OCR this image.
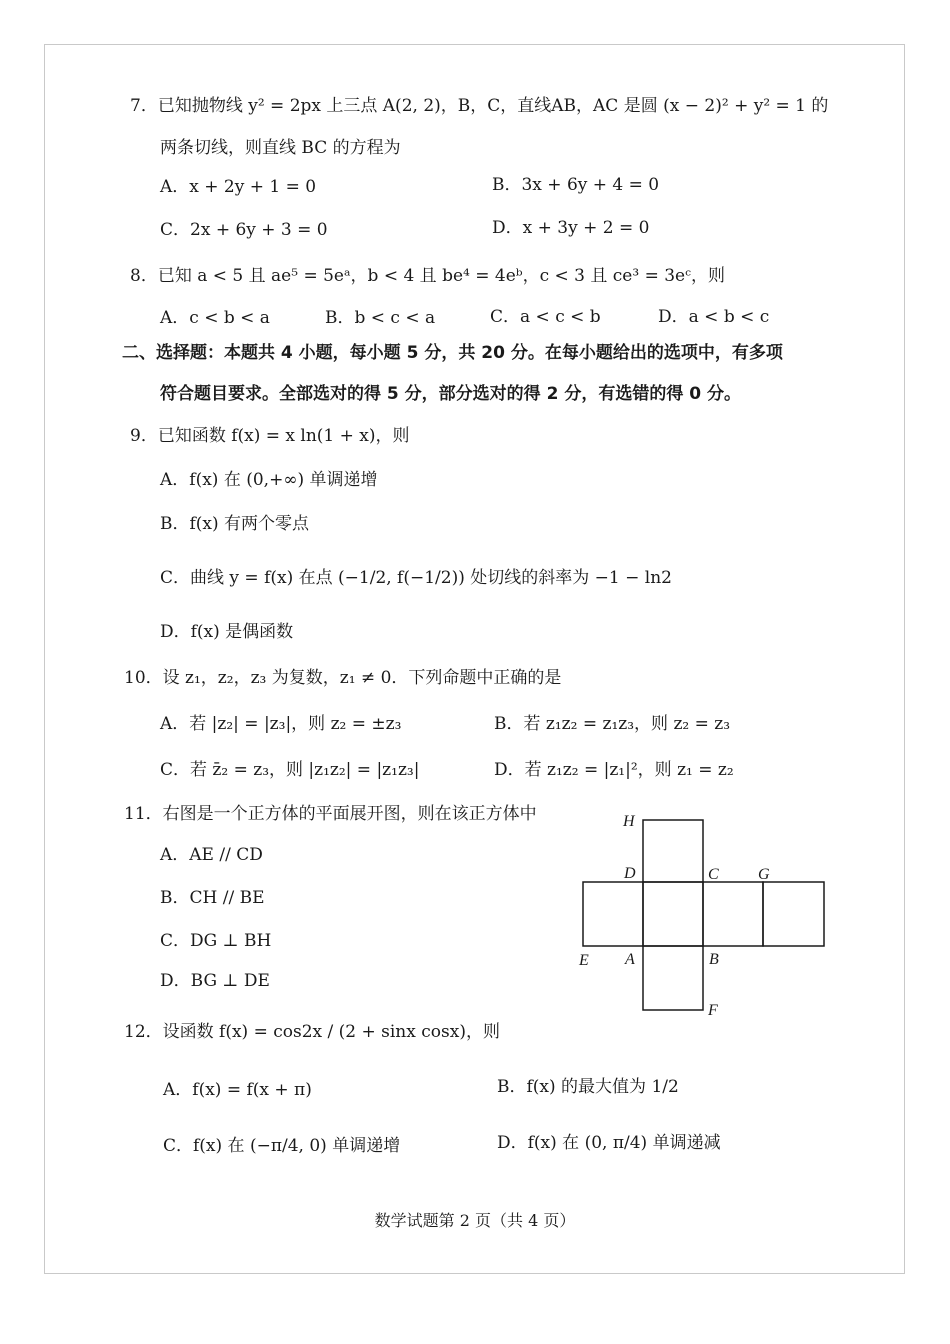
7．已知抛物线 y² = 2px 上三点 A(2, 2)，B，C，直线AB，AC 是圆 (x − 2)² + y² = 1 的
两条切线，则直线 BC 的方程为
A．x + 2y + 1 = 0	B．3x + 6y + 4 = 0
C．2x + 6y + 3 = 0	D．x + 3y + 2 = 0
8．已知 a < 5 且 ae⁵ = 5eᵃ，b < 4 且 be⁴ = 4eᵇ，c < 3 且 ce³ = 3eᶜ，则
A．c < b < a	B．b < c < a	C．a < c < b	D．a < b < c
二、选择题：本题共 4 小题，每小题 5 分，共 20 分。在每小题给出的选项中，有多项
符合题目要求。全部选对的得 5 分，部分选对的得 2 分，有选错的得 0 分。
9．已知函数 f(x) = x ln(1 + x)，则
A．f(x) 在 (0,+∞) 单调递增
B．f(x) 有两个零点
C．曲线 y = f(x) 在点 (−1/2, f(−1/2)) 处切线的斜率为 −1 − ln2
D．f(x) 是偶函数
10．设 z₁，z₂，z₃ 为复数，z₁ ≠ 0．下列命题中正确的是
A．若 |z₂| = |z₃|，则 z₂ = ±z₃	B．若 z₁z₂ = z₁z₃，则 z₂ = z₃
C．若 z̄₂ = z₃，则 |z₁z₂| = |z₁z₃|	D．若 z₁z₂ = |z₁|²，则 z₁ = z₂
11．右图是一个正方体的平面展开图，则在该正方体中
A．AE // CD
B．CH // BE
C．DG ⊥ BH
D．BG ⊥ DE
H
D	C G
E A	B
F
12．设函数 f(x) = cos2x / (2 + sinx cosx)，则
A．f(x) = f(x + π)	B．f(x) 的最大值为 1/2
C．f(x) 在 (−π/4, 0) 单调递增	D．f(x) 在 (0, π/4) 单调递减
数学试题第 2 页（共 4 页）
